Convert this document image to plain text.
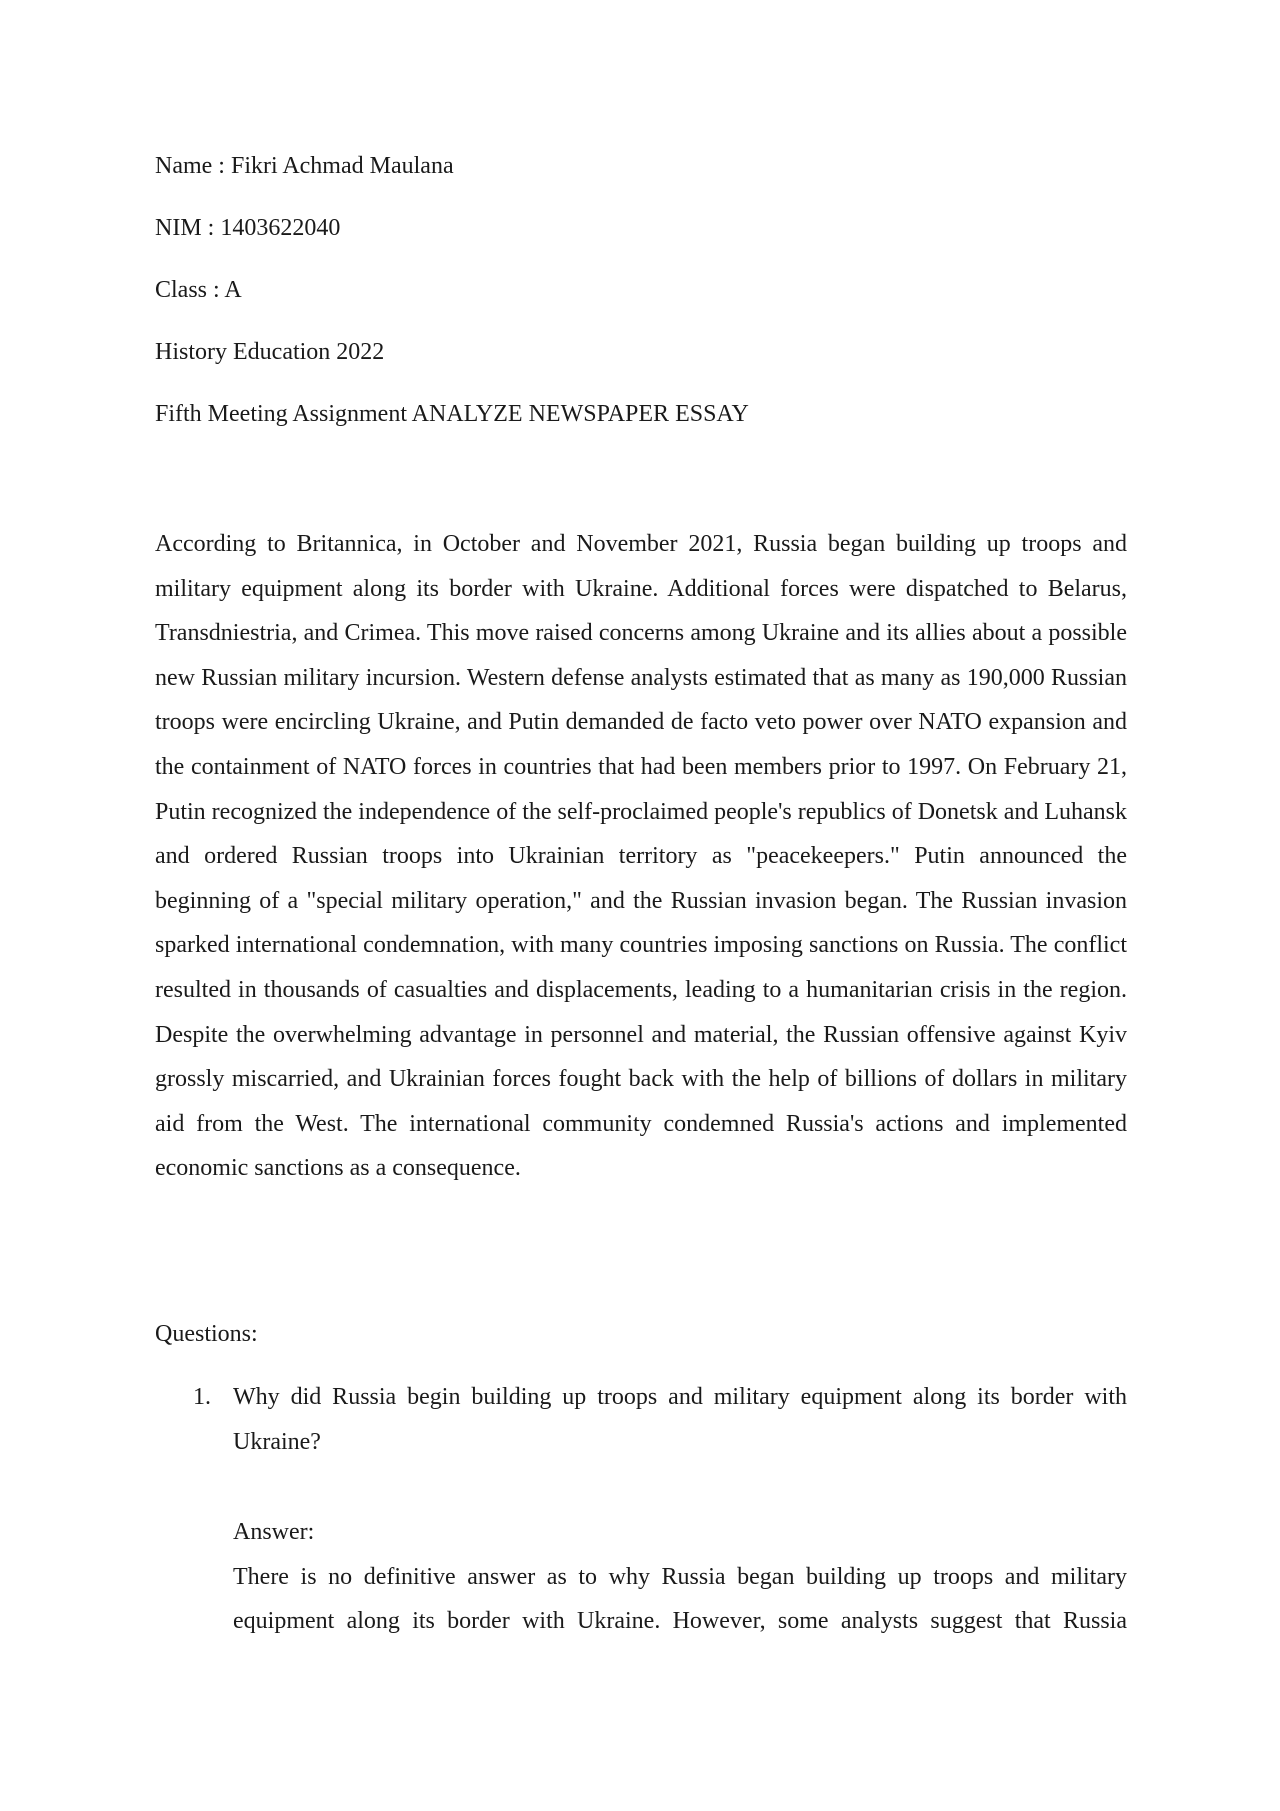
Name : Fikri Achmad Maulana

NIM : 1403622040

Class : A

History Education 2022

Fifth Meeting Assignment ANALYZE NEWSPAPER ESSAY

According to Britannica, in October and November 2021, Russia began building up troops and military equipment along its border with Ukraine. Additional forces were dispatched to Belarus, Transdniestria, and Crimea. This move raised concerns among Ukraine and its allies about a possible new Russian military incursion. Western defense analysts estimated that as many as 190,000 Russian troops were encircling Ukraine, and Putin demanded de facto veto power over NATO expansion and the containment of NATO forces in countries that had been members prior to 1997. On February 21, Putin recognized the independence of the self-proclaimed people's republics of Donetsk and Luhansk and ordered Russian troops into Ukrainian territory as "peacekeepers." Putin announced the beginning of a "special military operation," and the Russian invasion began. The Russian invasion sparked international condemnation, with many countries imposing sanctions on Russia. The conflict resulted in thousands of casualties and displacements, leading to a humanitarian crisis in the region. Despite the overwhelming advantage in personnel and material, the Russian offensive against Kyiv grossly miscarried, and Ukrainian forces fought back with the help of billions of dollars in military aid from the West. The international community condemned Russia's actions and implemented economic sanctions as a consequence.

Questions:

1. Why did Russia begin building up troops and military equipment along its border with Ukraine?

Answer:

There is no definitive answer as to why Russia began building up troops and military equipment along its border with Ukraine. However, some analysts suggest that Russia
